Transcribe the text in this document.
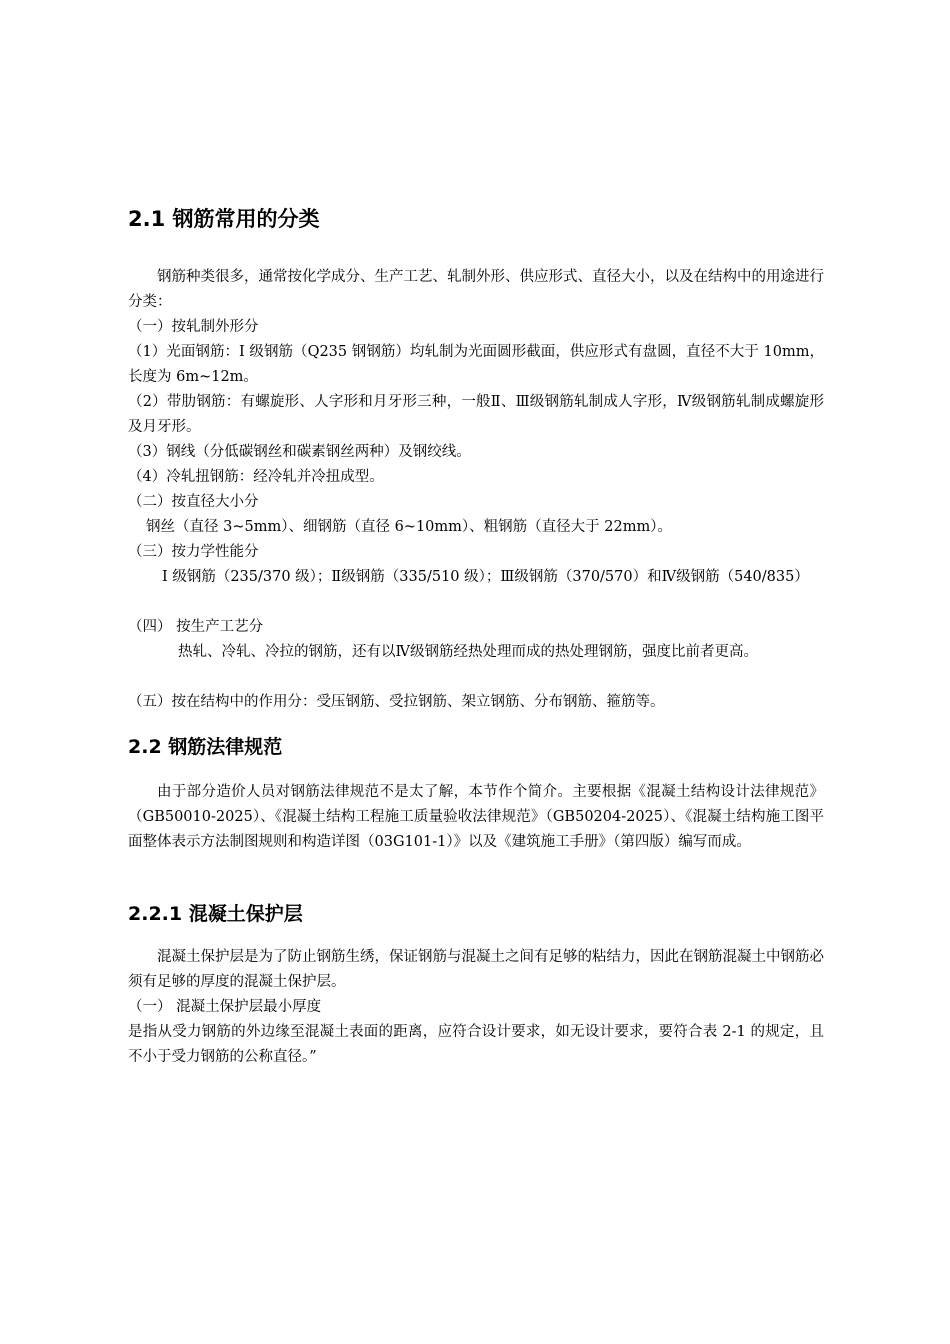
2.1 钢筋常用的分类
钢筋种类很多，通常按化学成分、生产工艺、轧制外形、供应形式、直径大小，以及在结构中的用途进行分类：
（一）按轧制外形分
（1）光面钢筋：I 级钢筋（Q235 钢钢筋）均轧制为光面圆形截面，供应形式有盘圆，直径不大于 10mm，长度为 6m~12m。
（2）带肋钢筋：有螺旋形、人字形和月牙形三种，一般Ⅱ、Ⅲ级钢筋轧制成人字形，Ⅳ级钢筋轧制成螺旋形及月牙形。
（3）钢线（分低碳钢丝和碳素钢丝两种）及钢绞线。
（4）冷轧扭钢筋：经冷轧并冷扭成型。
（二）按直径大小分
钢丝（直径 3~5mm）、细钢筋（直径 6~10mm）、粗钢筋（直径大于 22mm）。
（三）按力学性能分
Ⅰ 级钢筋（235/370 级）；Ⅱ级钢筋（335/510 级）；Ⅲ级钢筋（370/570）和Ⅳ级钢筋（540/835）
（四） 按生产工艺分
热轧、冷轧、冷拉的钢筋，还有以Ⅳ级钢筋经热处理而成的热处理钢筋，强度比前者更高。
（五）按在结构中的作用分：受压钢筋、受拉钢筋、架立钢筋、分布钢筋、箍筋等。
2.2 钢筋法律规范
由于部分造价人员对钢筋法律规范不是太了解，本节作个简介。主要根据《混凝土结构设计法律规范》（GB50010-2025）、《混凝土结构工程施工质量验收法律规范》（GB50204-2025）、《混凝土结构施工图平面整体表示方法制图规则和构造详图（03G101-1）》以及《建筑施工手册》（第四版）编写而成。
2.2.1 混凝土保护层
混凝土保护层是为了防止钢筋生绣，保证钢筋与混凝土之间有足够的粘结力，因此在钢筋混凝土中钢筋必须有足够的厚度的混凝土保护层。
（一） 混凝土保护层最小厚度
是指从受力钢筋的外边缘至混凝土表面的距离，应符合设计要求，如无设计要求，要符合表 2-1 的规定，且不小于受力钢筋的公称直径。”
